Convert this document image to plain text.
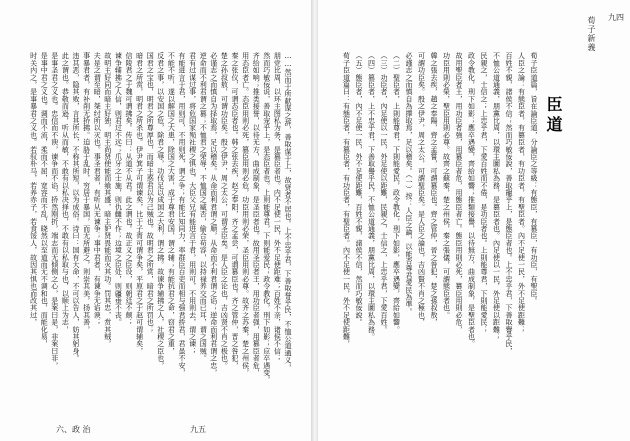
……然而于所献谋之辞，善取谋于上，故贤者不居也。上不忠乎君，下善取誉乎民，不恤公道通义，
朋党比周，以环主图私为务，是篡臣者也。内不足使一民，外不足使距难；百姓不亲，诸侯不信；
然而巧敏佞说，善取宠乎上，是态臣者也。上则能尊君，下则能爱民；政令教化，刑下如影；应卒遇变，
齐给如响；推类接誉，以待无方，曲成制象，是圣臣者也。故用圣臣者王，用功臣者强，用篡臣者危，
用态臣者亡。态臣用则必死，篡臣用则必危，功臣用则必荣，圣臣用则必尊。故齐之苏秦，楚之州侯，
秦之张仪，可谓态臣者也。韩之张去疾，赵之奉阳，齐之孟尝，可谓篡臣也。齐之管仲，晋之咎犯，
楚之孙叔敖，可谓功臣矣。殷之伊尹，周之太公，可谓圣臣矣。是人臣之论也，吉凶贤不肖之极也。
必谨志之而慎自为择取焉，足以稽矣。从命而利君谓之顺，从命而不利君谓之谄；逆命而利君谓之忠，
逆命而不利君谓之篡；不恤君之荣辱，不恤国之臧否，偷合苟容，以持禄养交而已耳，谓之国贼。
君有过谋过事，将危国家殒社稷之惧也，大臣父兄有能进言于君，用则可，不用则去，谓之谏；
有能进言于君，用则可，不用则死，谓之争；有能比知同力，率群臣百吏而相与强君挢君，君虽不安，
不能不听，遂以解国之大患，除国之大害，成于尊君安国，谓之辅；有能抗君之命，窃君之重，
反君之事，以安国之危，除君之辱，功伐足以成国之大利，谓之拂。故谏争辅拂之人，社稷之臣也，
国君之宝也，明君之所尊厚也，而暗主惑君以为己贼也。故明君之所赏，暗君之所罚也；
暗君之所赏，明君之所杀也。伊尹箕子可谓谏矣，比干子胥可谓争矣，平原君之于赵可谓辅矣，
信陵君之于魏可谓拂矣。传曰：从道不从君。此之谓也。故正义之臣设，则朝廷不颇；
谏争辅拂之人信，则君过不远；爪牙之士施，则仇雠不作；边境之臣处，则疆垂不丧。
故明主好同而暗主好独，明主尚贤使能而飨其盛，暗主妒贤畏能而灭其功。罚其忠，赏其贼，
夫是之谓至暗，桀纣所以灭也。事圣君者，有听从无谏争；事中君者，有谏争无谄谀；
事暴君者，有补削无挢拂。迫胁于乱时，穷居于暴国，而无所避之，则崇其美，扬其善，
违其恶，隐其败，言其所长，不称其所短，以为成俗。诗曰：国有大命，不可以告人，妨其躬身。
此之谓也。恭敬而逊，听从而敏，不敢有以私决择也，不敢有以私取与也，以顺上为志，
是事圣君之义也。忠信而不谀，谏争而不谄，挢然刚折，端志而无倾侧之心，是案曰是，非案曰非，
是事中君之义也。调而不流，柔而不屈，宽容而不乱，晓然以至道而无不调和也，而能化易，
时关内之，是事暴君之义也。若驭朴马，若养赤子，若食馁人，故因其惧也而改其过，
六、政 治	九五
荀子新義
臣道
荀子臣道篇，旨在論臣道，分論臣之等級：有態臣，有篡臣，有功臣，有聖臣。
人臣之論：有態臣者，有篡臣者，有功臣者，有聖臣者。內不足使一民，外不足使距難；
百姓不親，諸侯不信；然而巧敏佞說，善取寵乎上，是態臣者也。上不忠乎君，下善取譽乎民，
不恤公道通義，朋黨比周，以環主圖私為務，是篡臣者也。內足使以一民，外足使以距難；
民親之，士信之；上忠乎君，下愛百姓而不倦，是功臣者也。上則能尊君，下則能愛民；
政令教化，刑下如影；應卒遇變，齊給如響；推類接譽，以待無方，曲成制象，是聖臣者也。
故用聖臣者王，用功臣者強，用篡臣者危，用態臣者亡。態臣用則必死，篡臣用則必危，
功臣用則必榮，聖臣用則必尊。故齊之蘇秦，楚之州侯，秦之張儀，可謂態臣者也。
韓之張去疾，趙之奉陽，齊之孟嘗，可謂篡臣也。齊之管仲，晉之咎犯，楚之孫叔敖，
可謂功臣矣。殷之伊尹，周之太公，可謂聖臣矣。是人臣之論也，吉凶賢不肖之極也，
必謹志之而慎自為擇取焉，足以稽矣。（一）按：人臣之論，以能否尊君愛民為準。
（二）聖臣者，上則能尊君，下則能愛民，政令教化，刑下如影，應卒遇變，齊給如響。
（三）功臣者，內足使以一民，外足使以距難，民親之，士信之，上忠乎君，下愛百姓。
（四）篡臣者，上不忠乎君，下善取譽乎民，不恤公道通義，朋黨比周，以環主圖私為務。
（五）態臣者，內不足使一民，外不足使距難，百姓不親，諸侯不信，然而巧敏佞說。
荀子臣道篇曰：有態臣者，有篡臣者，有功臣者，有聖臣者。內不足使一民，外不足使距難，
九四
